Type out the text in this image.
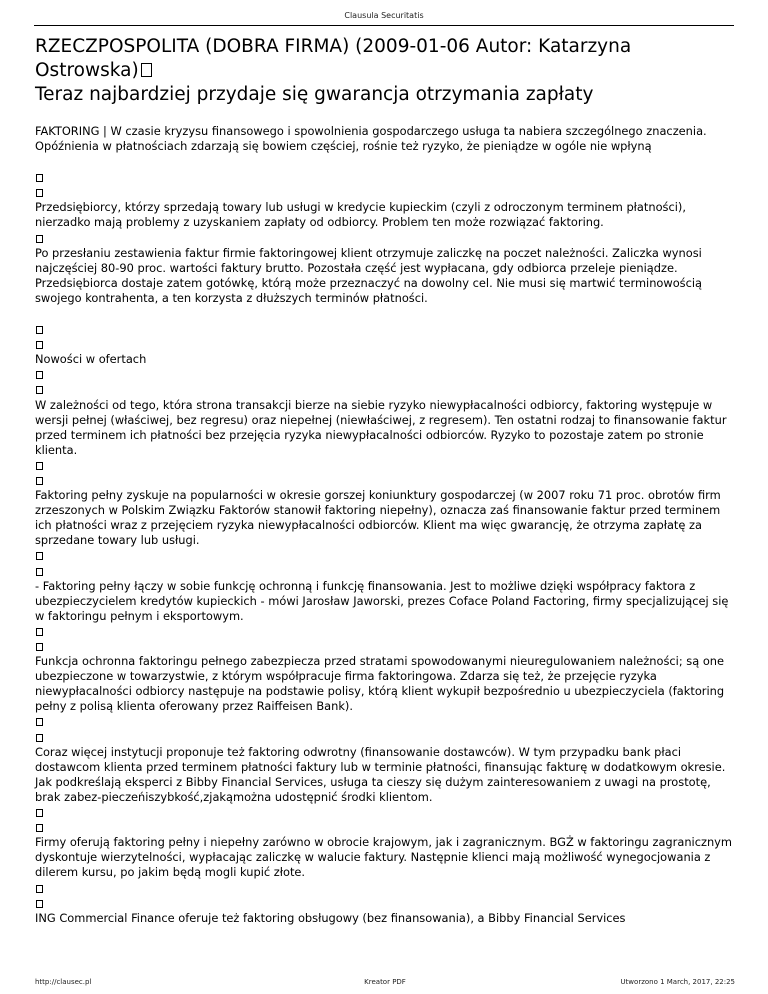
Clausula Securitatis
RZECZPOSPOLITA (DOBRA FIRMA) (2009-01-06 Autor: Katarzyna
Ostrowska)
Teraz najbardziej przydaje się gwarancja otrzymania zapłaty

FAKTORING | W czasie kryzysu finansowego i spowolnienia gospodarczego usługa ta nabiera szczególnego znaczenia. Opóźnienia w płatnościach zdarzają się bowiem częściej, rośnie też ryzyko, że pieniądze w ogóle nie wpłyną

Przedsiębiorcy, którzy sprzedają towary lub usługi w kredycie kupieckim (czyli z odroczonym terminem płatności), nierzadko mają problemy z uzyskaniem zapłaty od odbiorcy. Problem ten może rozwiązać faktoring.

Po przesłaniu zestawienia faktur firmie faktoringowej klient otrzymuje zaliczkę na poczet należności. Zaliczka wynosi najczęściej 80-90 proc. wartości faktury brutto. Pozostała część jest wypłacana, gdy odbiorca przeleje pieniądze. Przedsiębiorca dostaje zatem gotówkę, którą może przeznaczyć na dowolny cel. Nie musi się martwić terminowością swojego kontrahenta, a ten korzysta z dłuższych terminów płatności.

Nowości w ofertach

W zależności od tego, która strona transakcji bierze na siebie ryzyko niewypłacalności odbiorcy, faktoring występuje w wersji pełnej (właściwej, bez regresu) oraz niepełnej (niewłaściwej, z regresem). Ten ostatni rodzaj to finansowanie faktur przed terminem ich płatności bez przejęcia ryzyka niewypłacalności odbiorców. Ryzyko to pozostaje zatem po stronie klienta.

Faktoring pełny zyskuje na popularności w okresie gorszej koniunktury gospodarczej (w 2007 roku 71 proc. obrotów firm zrzeszonych w Polskim Związku Faktorów stanowił faktoring niepełny), oznacza zaś finansowanie faktur przed terminem ich płatności wraz z przejęciem ryzyka niewypłacalności odbiorców. Klient ma więc gwarancję, że otrzyma zapłatę za sprzedane towary lub usługi.

- Faktoring pełny łączy w sobie funkcję ochronną i funkcję finansowania. Jest to możliwe dzięki współpracy faktora z ubezpieczycielem kredytów kupieckich - mówi Jarosław Jaworski, prezes Coface Poland Factoring, firmy specjalizującej się w faktoringu pełnym i eksportowym.

Funkcja ochronna faktoringu pełnego zabezpiecza przed stratami spowodowanymi nieuregulowaniem należności; są one ubezpieczone w towarzystwie, z którym współpracuje firma faktoringowa. Zdarza się też, że przejęcie ryzyka niewypłacalności odbiorcy następuje na podstawie polisy, którą klient wykupił bezpośrednio u ubezpieczyciela (faktoring pełny z polisą klienta oferowany przez Raiffeisen Bank).

Coraz więcej instytucji proponuje też faktoring odwrotny (finansowanie dostawców). W tym przypadku bank płaci dostawcom klienta przed terminem płatności faktury lub w terminie płatności, finansując fakturę w dodatkowym okresie. Jak podkreślają eksperci z Bibby Financial Services, usługa ta cieszy się dużym zainteresowaniem z uwagi na prostotę, brak zabez-pieczeńiszybkość,zjakąmożna udostępnić środki klientom.

Firmy oferują faktoring pełny i niepełny zarówno w obrocie krajowym, jak i zagranicznym. BGŻ w faktoringu zagranicznym dyskontuje wierzytelności, wypłacając zaliczkę w walucie faktury. Następnie klienci mają możliwość wynegocjowania z dilerem kursu, po jakim będą mogli kupić złote.

ING Commercial Finance oferuje też faktoring obsługowy (bez finansowania), a Bibby Financial Services

http://clausec.pl	Kreator PDF	Utworzono 1 March, 2017, 22:25
